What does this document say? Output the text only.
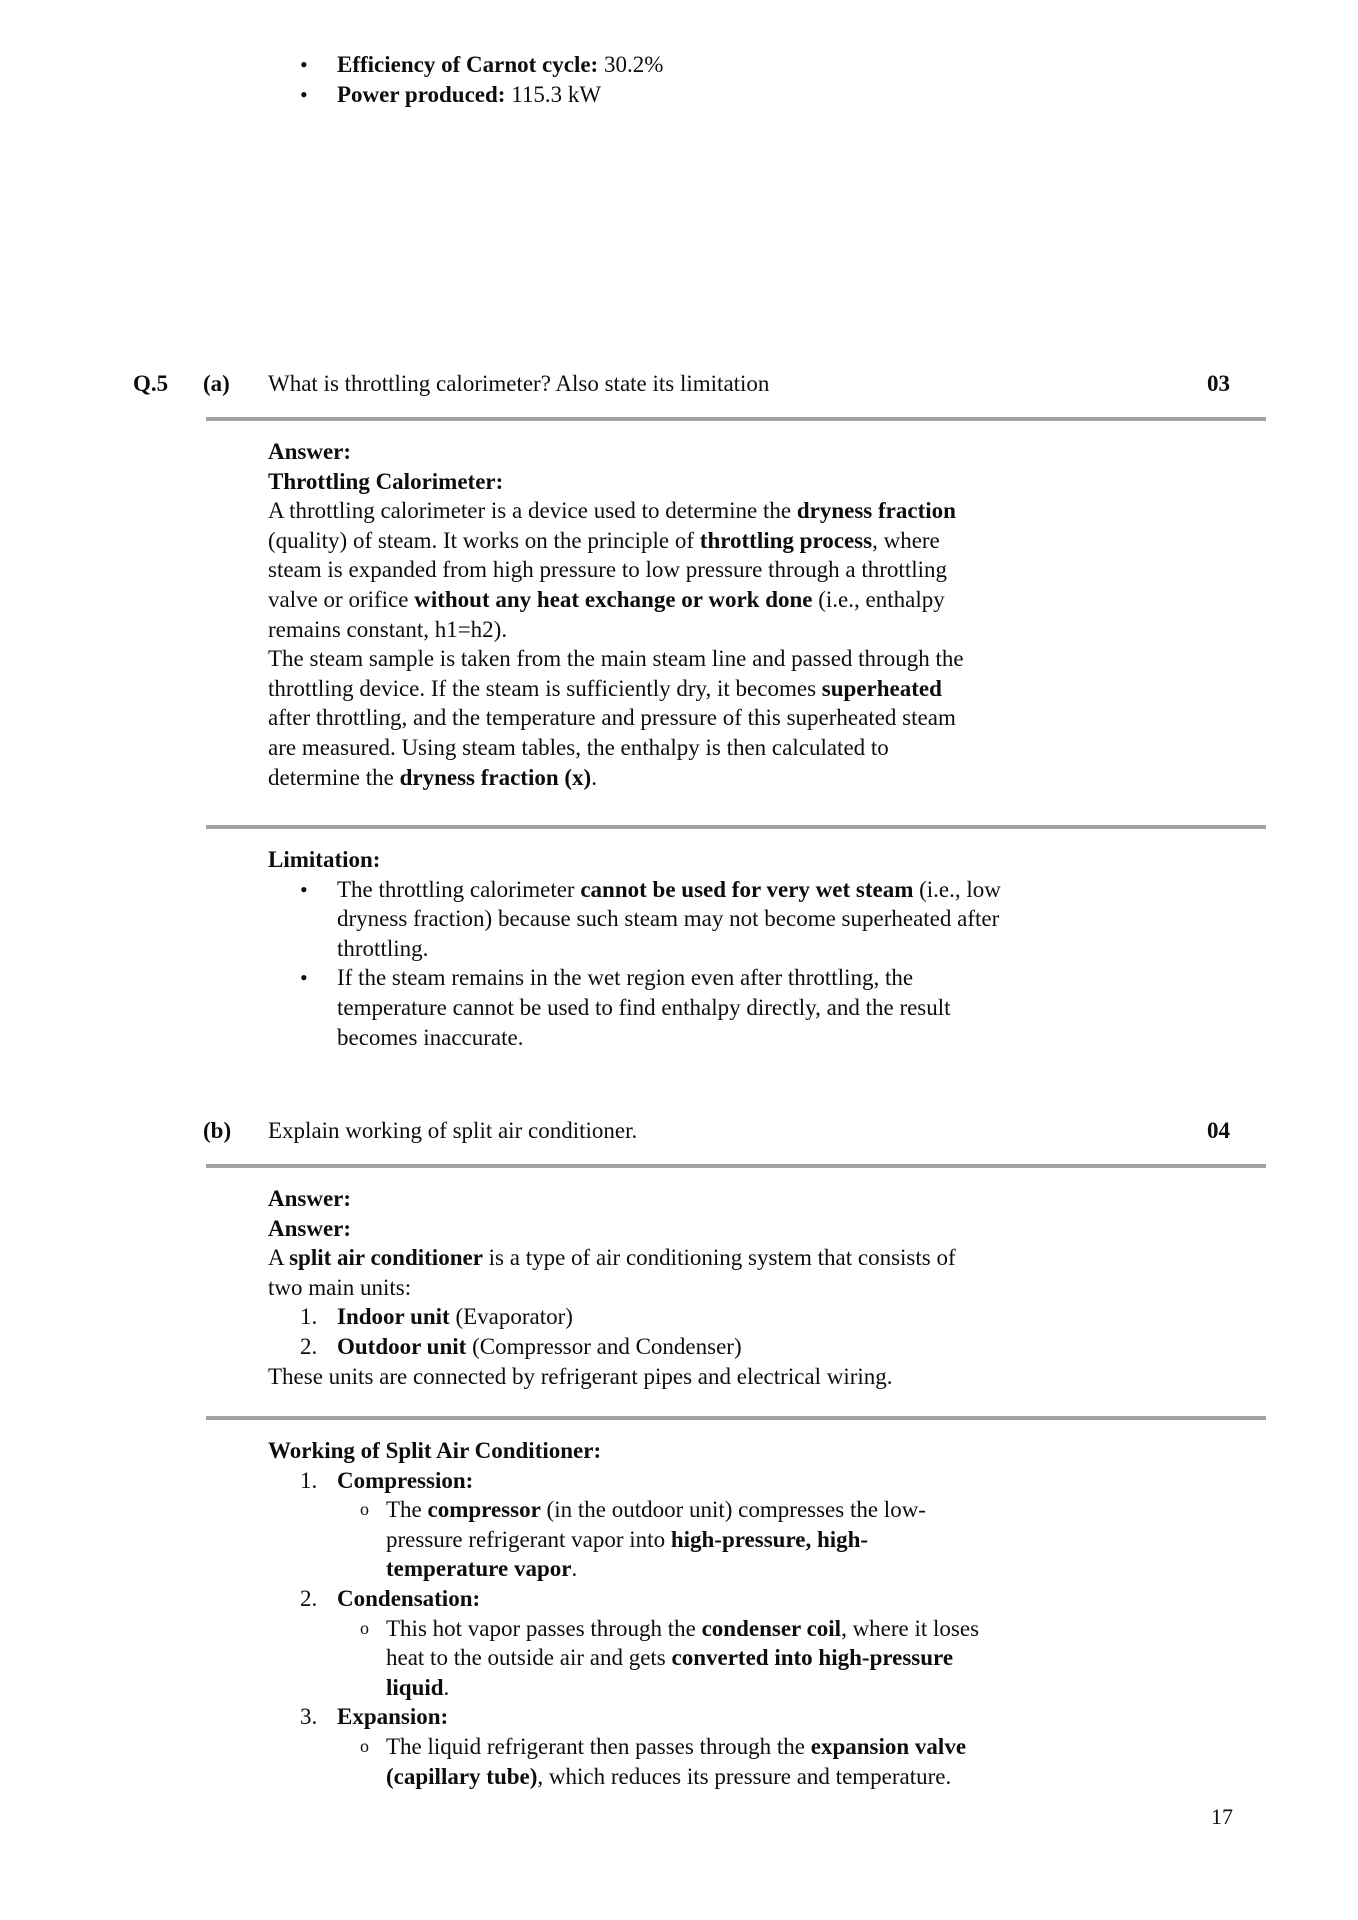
•	Efficiency of Carnot cycle: 30.2%
•	Power produced: 115.3 kW
Q.5 (a) What is throttling calorimeter? Also state its limitation	03
Answer:
Throttling Calorimeter:
A throttling calorimeter is a device used to determine the dryness fraction
(quality) of steam. It works on the principle of throttling process, where
steam is expanded from high pressure to low pressure through a throttling
valve or orifice without any heat exchange or work done (i.e., enthalpy
remains constant, h1=h2).
The steam sample is taken from the main steam line and passed through the
throttling device. If the steam is sufficiently dry, it becomes superheated
after throttling, and the temperature and pressure of this superheated steam
are measured. Using steam tables, the enthalpy is then calculated to
determine the dryness fraction (x).
Limitation:
•	The throttling calorimeter cannot be used for very wet steam (i.e., low
dryness fraction) because such steam may not become superheated after
throttling.
•	If the steam remains in the wet region even after throttling, the
temperature cannot be used to find enthalpy directly, and the result
becomes inaccurate.
(b) Explain working of split air conditioner.	04
Answer:
Answer:
A split air conditioner is a type of air conditioning system that consists of
two main units:
1. Indoor unit (Evaporator)
2. Outdoor unit (Compressor and Condenser)
These units are connected by refrigerant pipes and electrical wiring.
Working of Split Air Conditioner:
1. Compression:
o The compressor (in the outdoor unit) compresses the low-
pressure refrigerant vapor into high-pressure, high-
temperature vapor.
2. Condensation:
o This hot vapor passes through the condenser coil, where it loses
heat to the outside air and gets converted into high-pressure
liquid.
3. Expansion:
o The liquid refrigerant then passes through the expansion valve
(capillary tube), which reduces its pressure and temperature.
17
